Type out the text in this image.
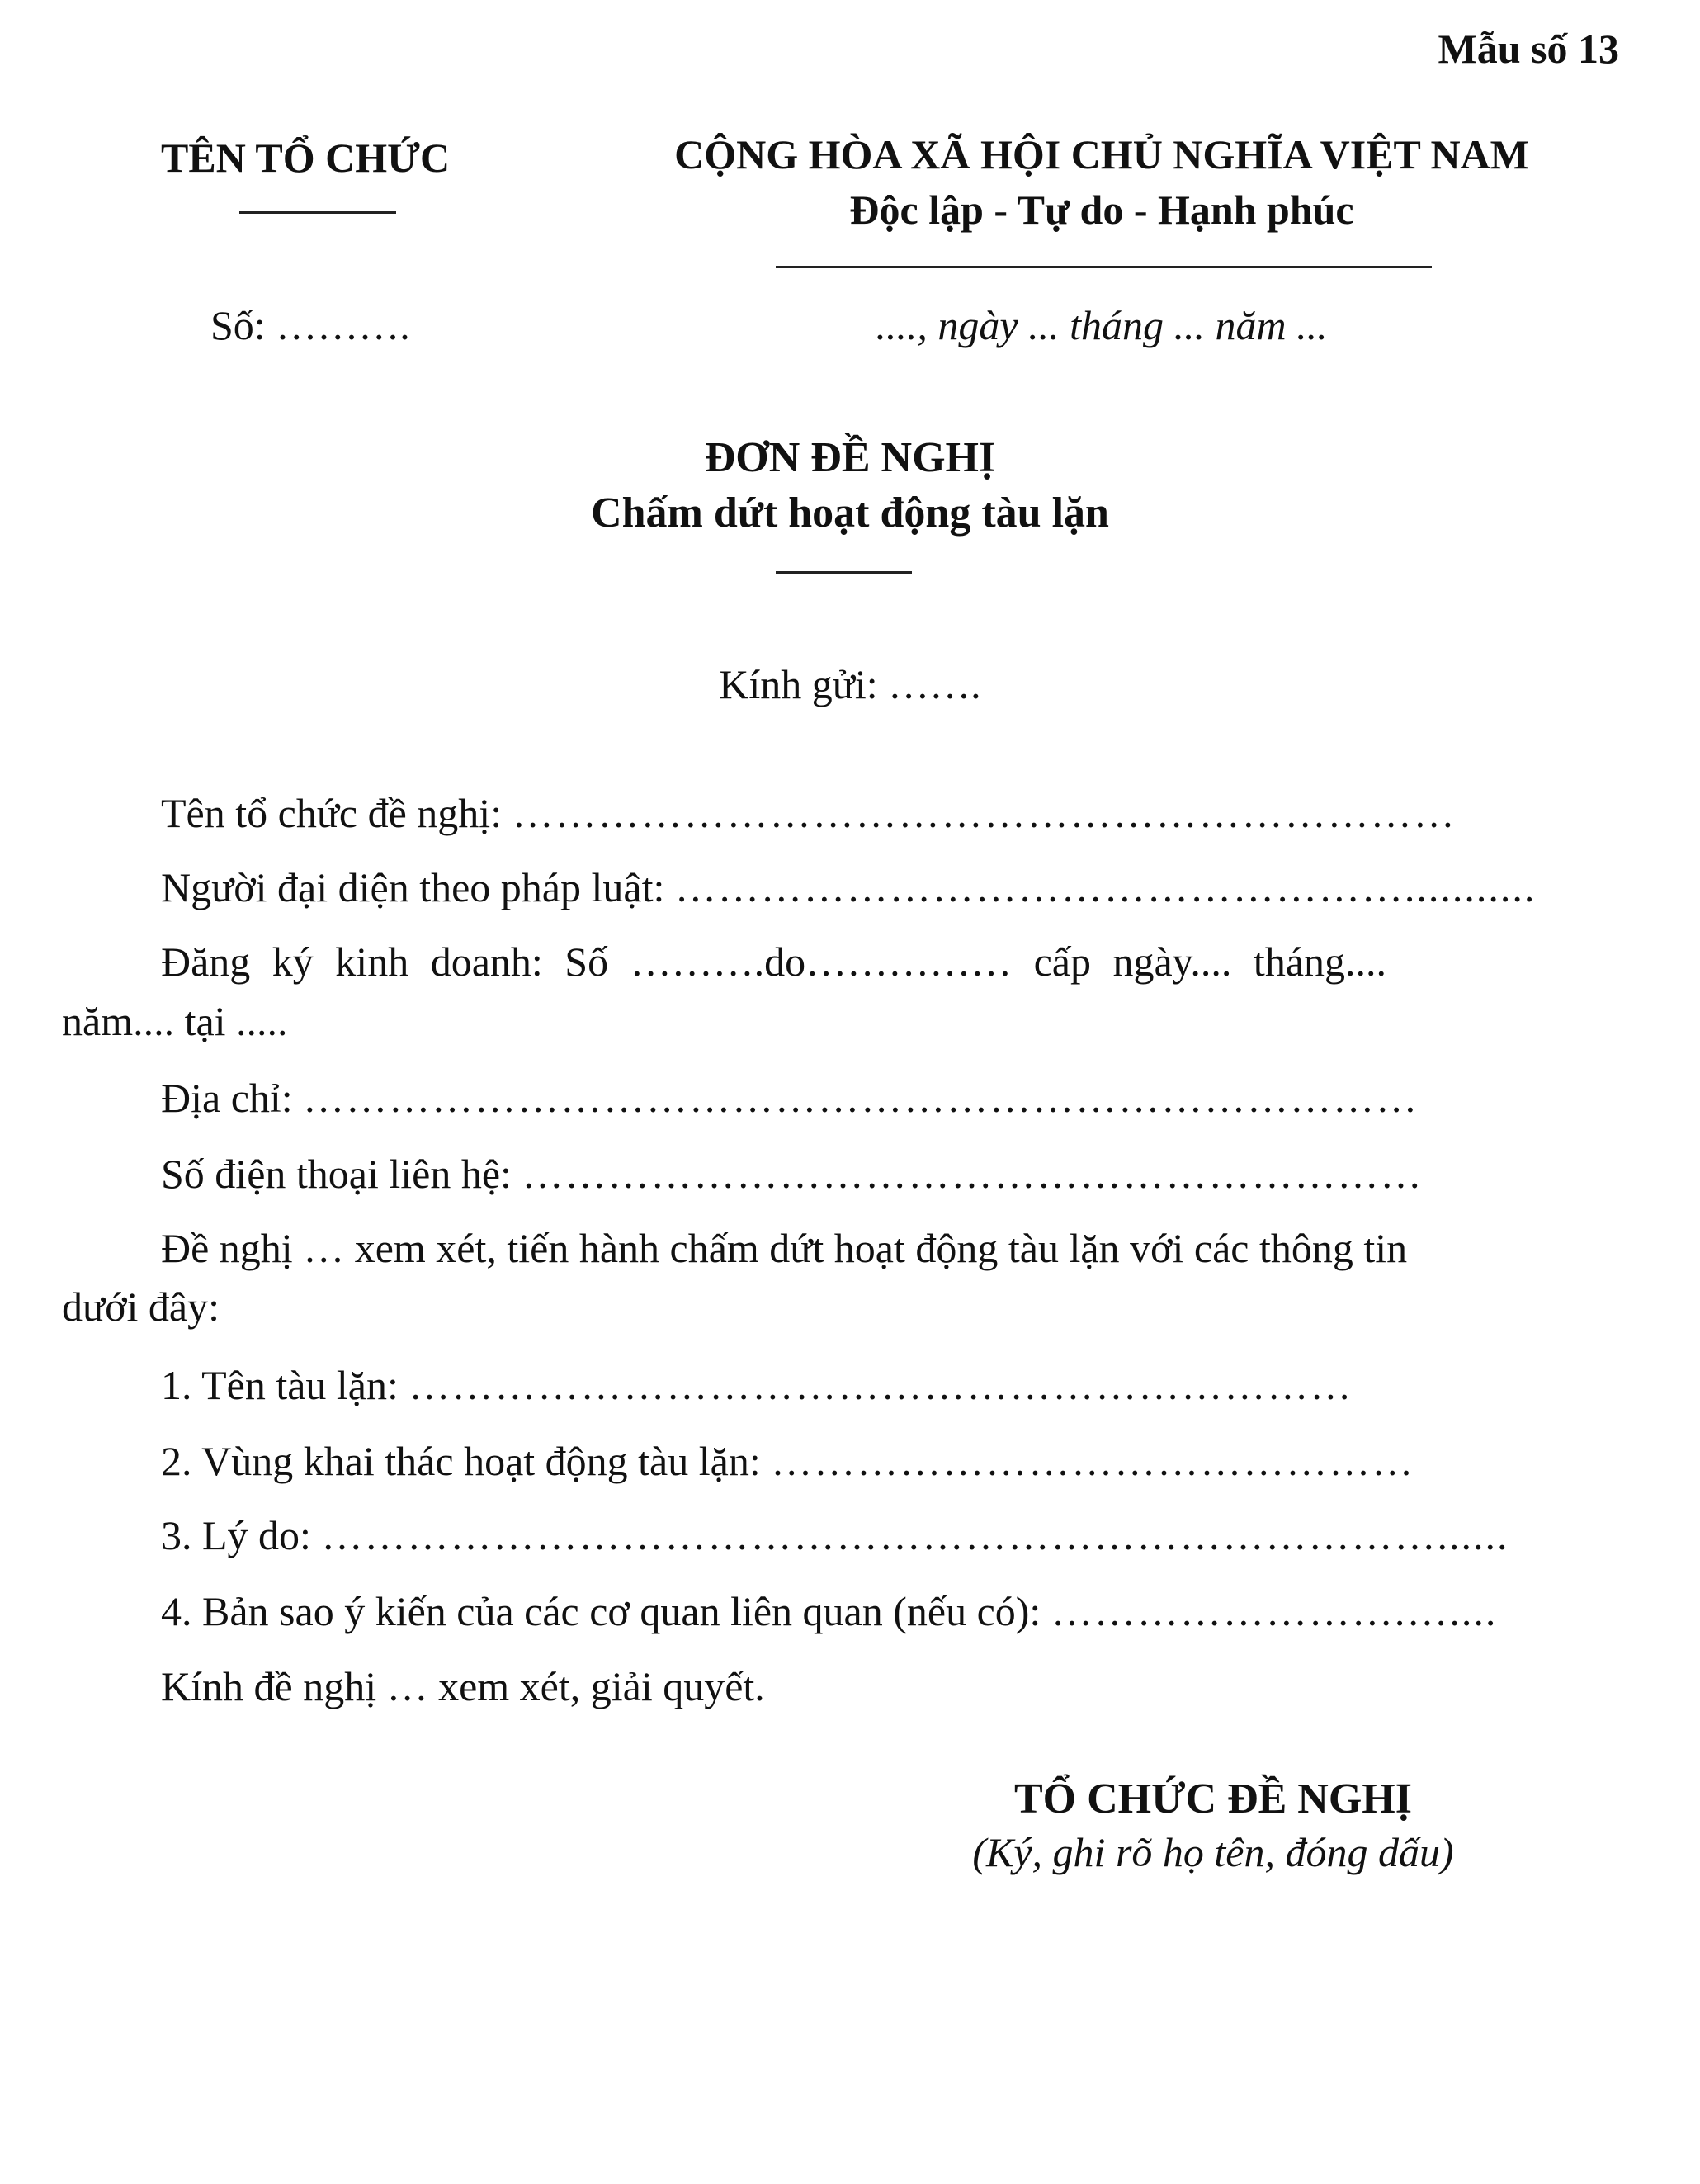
Mẫu số 13
TÊN TỔ CHỨC
Số: ……….
CỘNG HÒA XÃ HỘI CHỦ NGHĨA VIỆT NAM
Độc lập - Tự do - Hạnh phúc
...., ngày ... tháng ... năm ...
ĐƠN ĐỀ NGHỊ
Chấm dứt hoạt động tàu lặn
Kính gửi: …….
Tên tổ chức đề nghị: …………………………………………………………
Người đại diện theo pháp luật: ……………………………………………...........
Đăng ký kinh doanh: Số ……….do…………… cấp ngày.... tháng....
năm.... tại .....
Địa chỉ: ……………………………………………………………………
Số điện thoại liên hệ: ………………………………………………………
Đề nghị … xem xét, tiến hành chấm dứt hoạt động tàu lặn với các thông tin
dưới đây:
1. Tên tàu lặn: …………………………………………………………
2. Vùng khai thác hoạt động tàu lặn: ………………………………………
3. Lý do: ……………………………………………………………………......
4. Bản sao ý kiến của các cơ quan liên quan (nếu có): …………………….…....
Kính đề nghị … xem xét, giải quyết.
TỔ CHỨC ĐỀ NGHỊ
(Ký, ghi rõ họ tên, đóng dấu)
